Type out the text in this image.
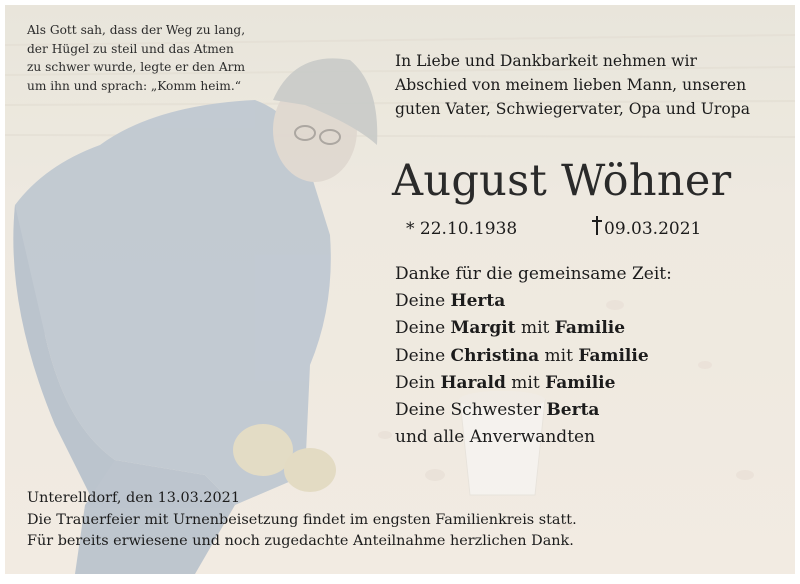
Als Gott sah, dass der Weg zu lang,
der Hügel zu steil und das Atmen
zu schwer wurde, legte er den Arm
um ihn und sprach: „Komm heim.“
In Liebe und Dankbarkeit nehmen wir
Abschied von meinem lieben Mann, unseren
guten Vater, Schwiegervater, Opa und Uropa
August Wöhner
* 22.10.1938	09.03.2021
Danke für die gemeinsame Zeit:
Deine Herta
Deine Margit mit Familie
Deine Christina mit Familie
Dein Harald mit Familie
Deine Schwester Berta
und alle Anverwandten
Unterelldorf, den 13.03.2021
Die Trauerfeier mit Urnenbeisetzung findet im engsten Familienkreis statt.
Für bereits erwiesene und noch zugedachte Anteilnahme herzlichen Dank.
